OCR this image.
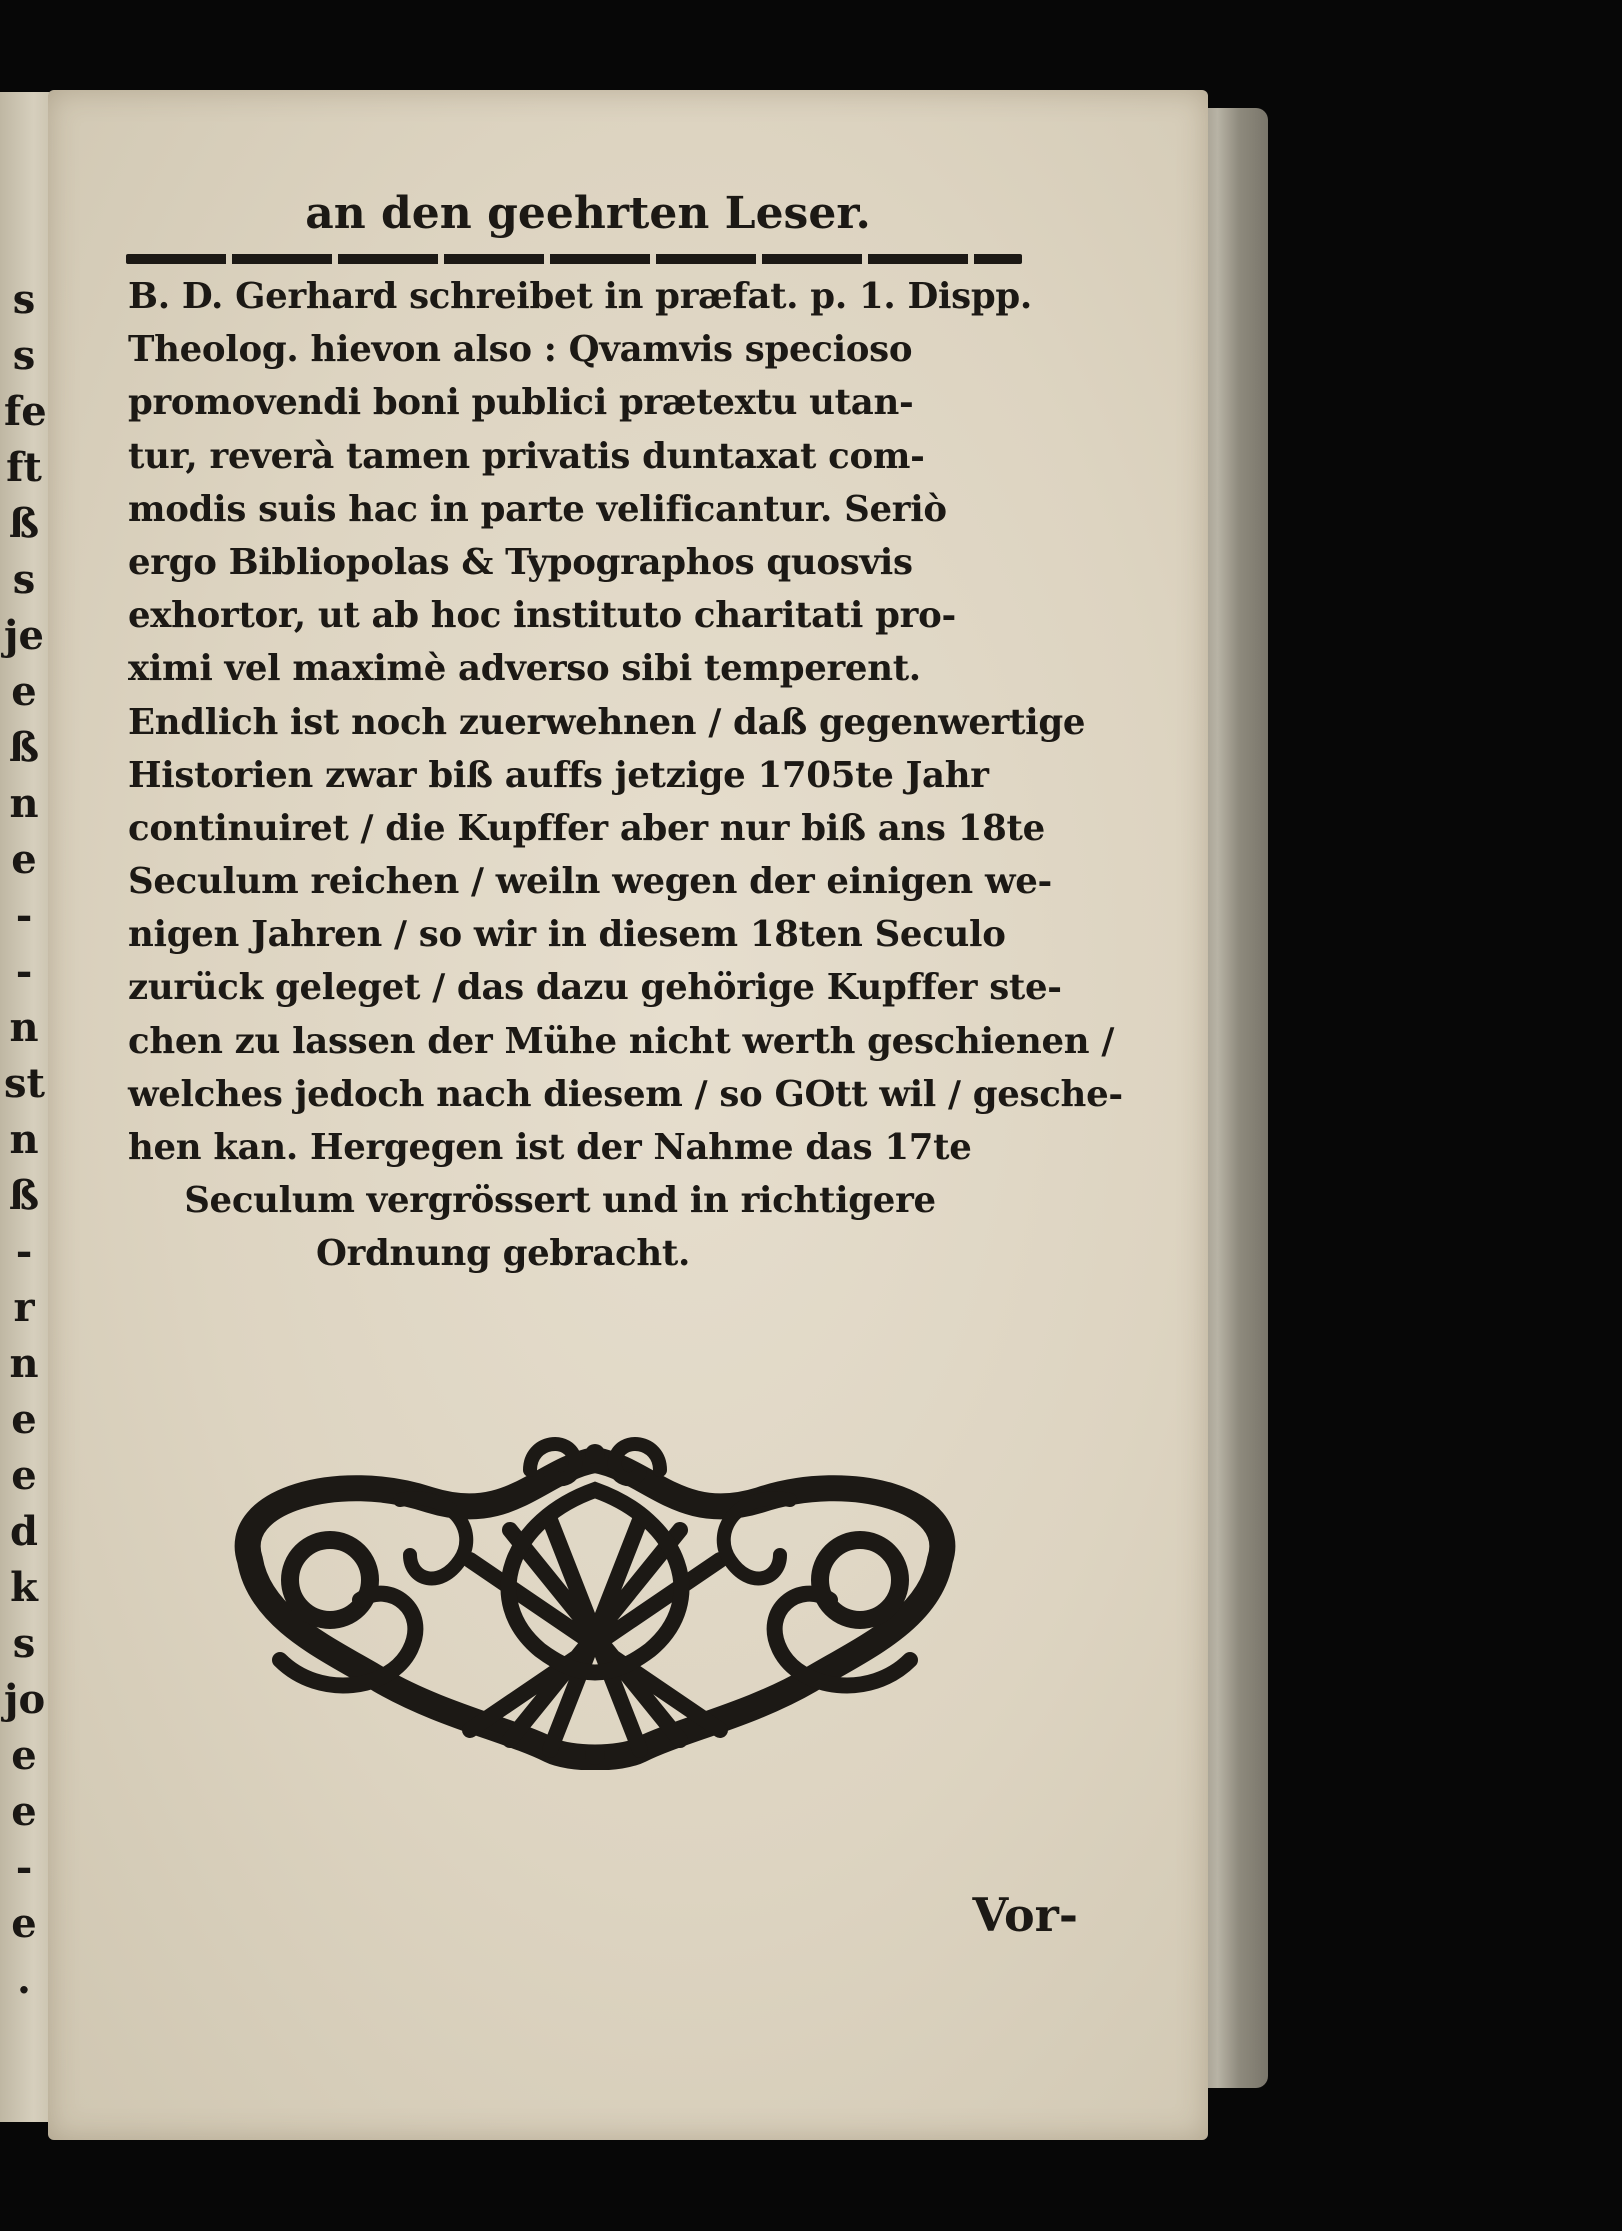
s
s
fe
ft
ß
s
je
e
ß
n
e
-
-
n
st
n
ß
-
r
n
e
e
d
k
s
jo
e
e
-
e
.
an den geehrten Leser.
B. D. Gerhard schreibet in præfat. p. 1. Dispp.
Theolog. hievon also : Qvamvis specioso
promovendi boni publici prætextu utan-
tur, reverà tamen privatis duntaxat com-
modis suis hac in parte velificantur. Seriò
ergo Bibliopolas & Typographos quosvis
exhortor, ut ab hoc instituto charitati pro-
ximi vel maximè adverso sibi temperent.
Endlich ist noch zuerwehnen / daß gegenwertige
Historien zwar biß auffs jetzige 1705te Jahr
continuiret / die Kupffer aber nur biß ans 18te
Seculum reichen / weiln wegen der einigen we-
nigen Jahren / so wir in diesem 18ten Seculo
zurück geleget / das dazu gehörige Kupffer ste-
chen zu lassen der Mühe nicht werth geschienen /
welches jedoch nach diesem / so GOtt wil / gesche-
hen kan. Hergegen ist der Nahme das 17te
Seculum vergrössert und in richtigere
Ordnung gebracht.
Vor-
